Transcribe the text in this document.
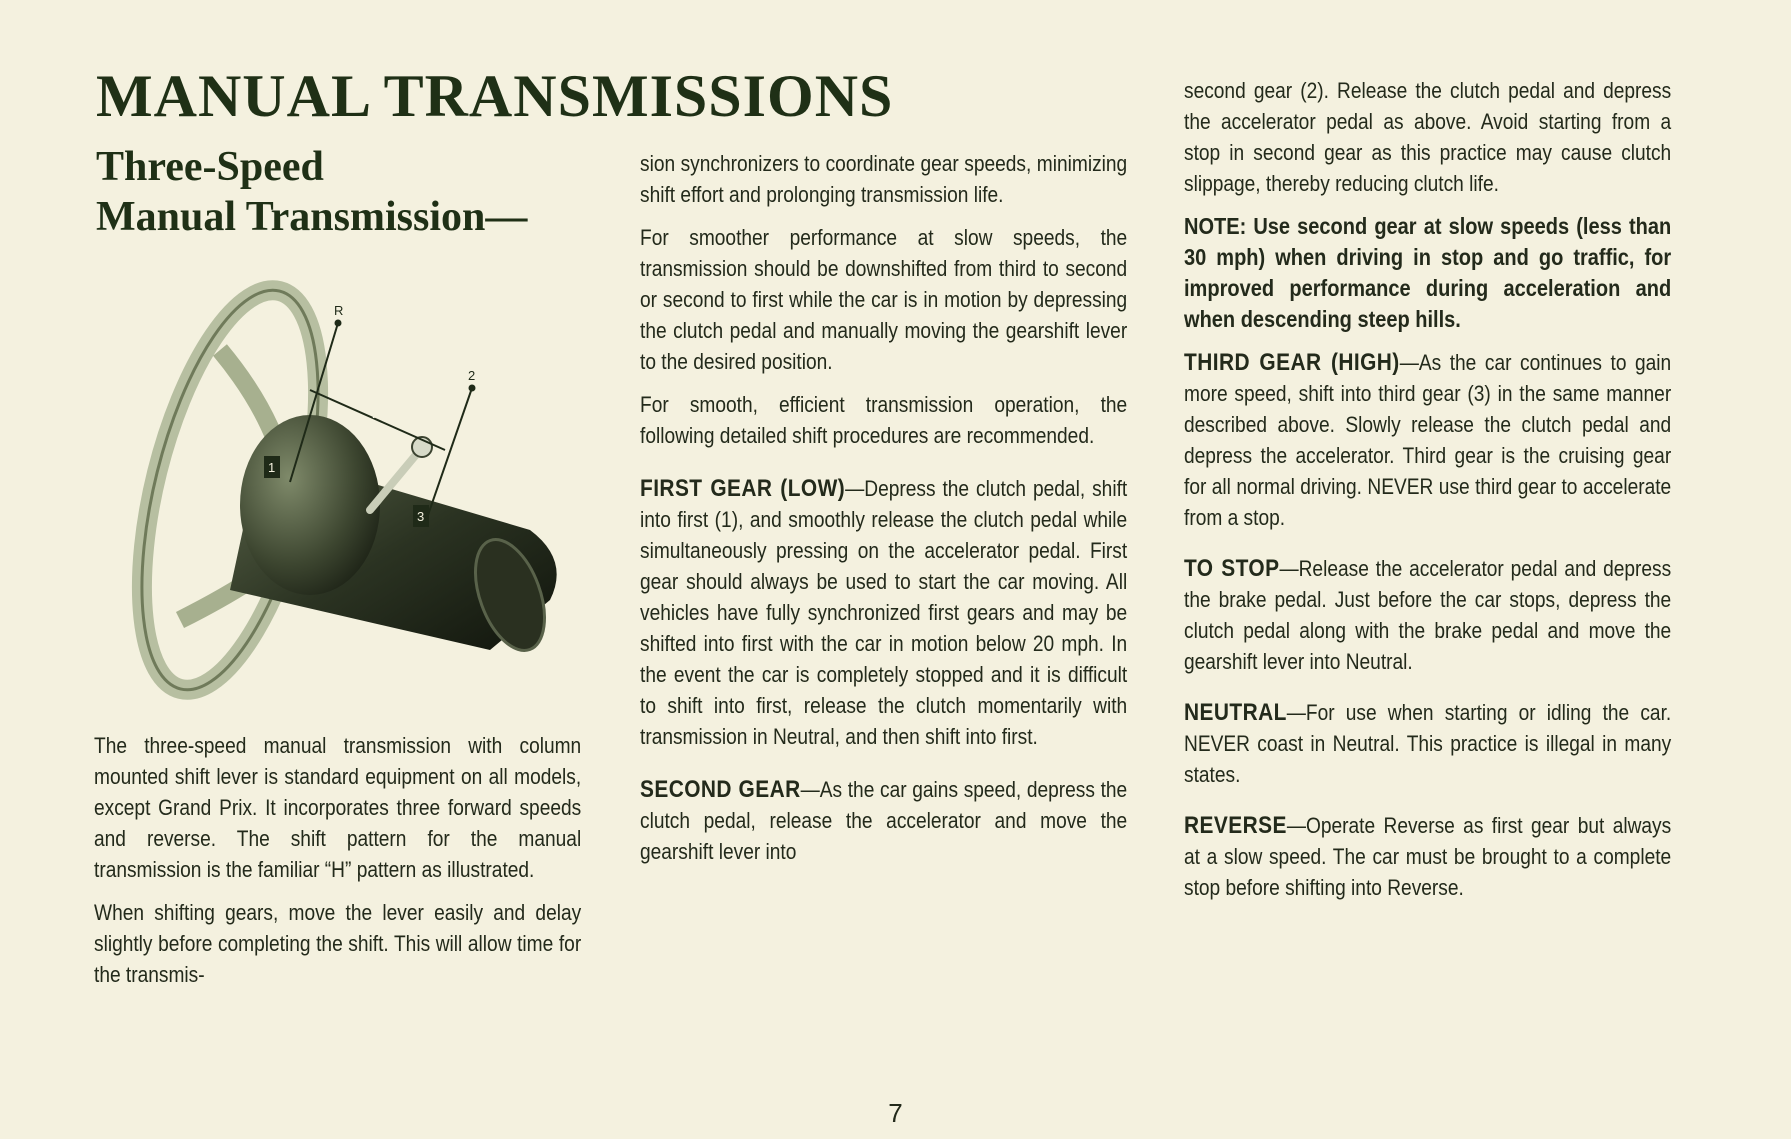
MANUAL TRANSMISSIONS
Three-Speed
Manual Transmission—
R
2
1
3
N

The three-speed manual transmission with column mounted shift lever is standard equipment on all models, except Grand Prix. It incorporates three forward speeds and reverse. The shift pattern for the manual transmission is the familiar “H” pattern as illustrated.

When shifting gears, move the lever easily and delay slightly before completing the shift. This will allow time for the transmis-

sion synchronizers to coordinate gear speeds, minimizing shift effort and prolonging transmission life.

For smoother performance at slow speeds, the transmission should be downshifted from third to second or second to first while the car is in motion by depressing the clutch pedal and manually moving the gearshift lever to the desired position.

For smooth, efficient transmission operation, the following detailed shift procedures are recommended.

FIRST GEAR (LOW)—Depress the clutch pedal, shift into first (1), and smoothly release the clutch pedal while simultaneously pressing on the accelerator pedal. First gear should always be used to start the car moving. All vehicles have fully synchronized first gears and may be shifted into first with the car in motion below 20 mph. In the event the car is completely stopped and it is difficult to shift into first, release the clutch momentarily with transmission in Neutral, and then shift into first.

SECOND GEAR—As the car gains speed, depress the clutch pedal, release the accelerator and move the gearshift lever into

second gear (2). Release the clutch pedal and depress the accelerator pedal as above. Avoid starting from a stop in second gear as this practice may cause clutch slippage, thereby reducing clutch life.

NOTE: Use second gear at slow speeds (less than 30 mph) when driving in stop and go traffic, for improved performance during acceleration and when descending steep hills.

THIRD GEAR (HIGH)—As the car continues to gain more speed, shift into third gear (3) in the same manner described above. Slowly release the clutch pedal and depress the accelerator. Third gear is the cruising gear for all normal driving. NEVER use third gear to accelerate from a stop.

TO STOP—Release the accelerator pedal and depress the brake pedal. Just before the car stops, depress the clutch pedal along with the brake pedal and move the gearshift lever into Neutral.

NEUTRAL—For use when starting or idling the car. NEVER coast in Neutral. This practice is illegal in many states.

REVERSE—Operate Reverse as first gear but always at a slow speed. The car must be brought to a complete stop before shifting into Reverse.

7
